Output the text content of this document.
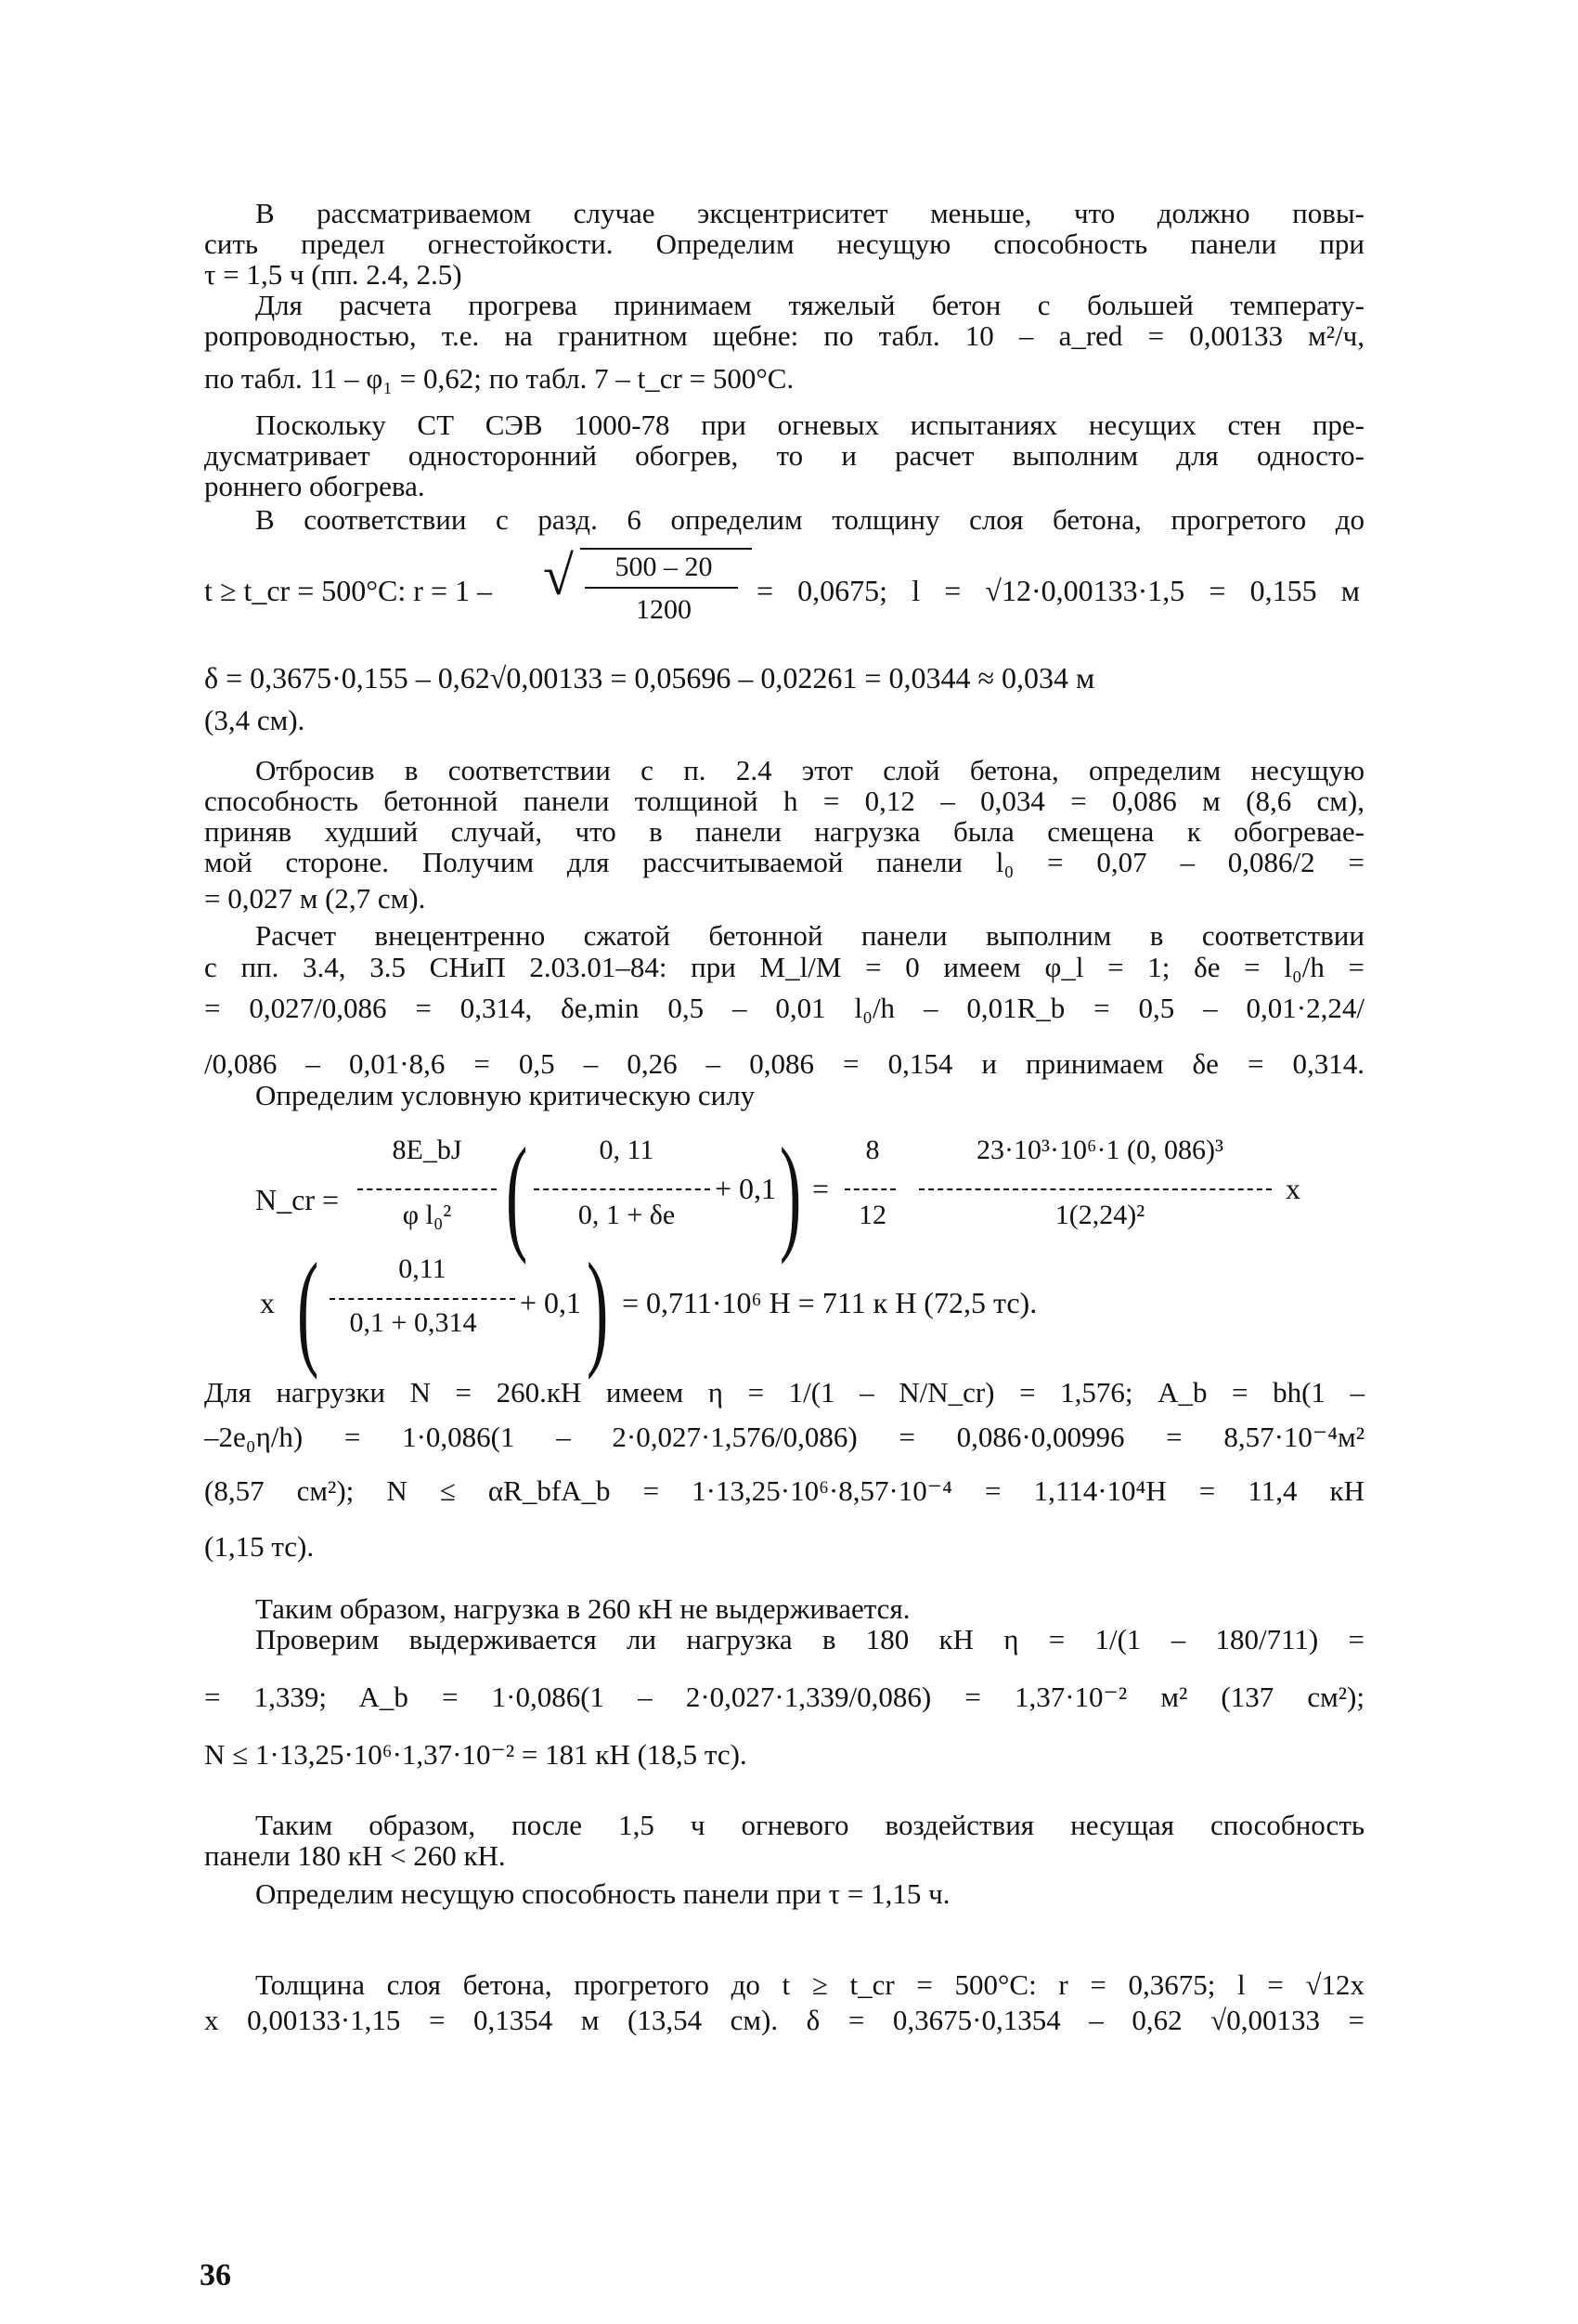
В рассматриваемом случае эксцентриситет меньше, что должно повы-
сить предел огнестойкости. Определим несущую способность панели при
τ = 1,5 ч (пп. 2.4, 2.5)
Для расчета прогрева принимаем тяжелый бетон с большей температу-
ропроводностью, т.е. на гранитном щебне: по табл. 10 – a_red = 0,00133 м²/ч,
по табл. 11 – φ₁ = 0,62; по табл. 7 – t_cr = 500°С.
Поскольку СТ СЭВ 1000-78 при огневых испытаниях несущих стен пре-
дусматривает односторонний обогрев, то и расчет выполним для односто-
роннего обогрева.
В соответствии с разд. 6 определим толщину слоя бетона, прогретого до
t ≥ t_cr = 500°С: r = 1 – √	500 – 20
1200
= 0,0675; l = √12·0,00133·1,5 = 0,155 м
δ = 0,3675·0,155 – 0,62√0,00133 = 0,05696 – 0,02261 = 0,0344 ≈ 0,034 м
(3,4 см).
Отбросив в соответствии с п. 2.4 этот слой бетона, определим несущую
способность бетонной панели толщиной h = 0,12 – 0,034 = 0,086 м (8,6 см),
приняв худший случай, что в панели нагрузка была смещена к обогревае-
мой стороне. Получим для рассчитываемой панели l₀ = 0,07 – 0,086/2 =
= 0,027 м (2,7 см).
Расчет внецентренно сжатой бетонной панели выполним в соответствии
с пп. 3.4, 3.5 СНиП 2.03.01–84: при M_l/M = 0 имеем φ_l = 1; δe = l₀/h =
= 0,027/0,086 = 0,314, δe,min 0,5 – 0,01 l₀/h – 0,01R_b = 0,5 – 0,01·2,24/
/0,086 – 0,01·8,6 = 0,5 – 0,26 – 0,086 = 0,154 и принимаем δe = 0,314.
Определим условную критическую силу
N_cr =
8E_bJ
φ l₀² (	0, 11
0, 1 + δe
+ 0,1 ) =
8
12
23·10³·10⁶·1 (0, 086)³
1(2,24)²
x
x (	0,11
0,1 + 0,314
+ 0,1 ) = 0,711·10⁶ Н = 711 к Н (72,5 тс).
Для нагрузки N = 260.кН имеем η = 1/(1 – N/N_cr) = 1,576; A_b = bh(1 –
–2e₀η/h) = 1·0,086(1 – 2·0,027·1,576/0,086) = 0,086·0,00996 = 8,57·10⁻⁴м²
(8,57 см²); N ≤ αR_bfA_b = 1·13,25·10⁶·8,57·10⁻⁴ = 1,114·10⁴Н = 11,4 кН
(1,15 тс).
Таким образом, нагрузка в 260 кН не выдерживается.
Проверим выдерживается ли нагрузка в 180 кН η = 1/(1 – 180/711) =
= 1,339; A_b = 1·0,086(1 – 2·0,027·1,339/0,086) = 1,37·10⁻² м² (137 см²);
N ≤ 1·13,25·10⁶·1,37·10⁻² = 181 кН (18,5 тс).
Таким образом, после 1,5 ч огневого воздействия несущая способность
панели 180 кН < 260 кН.
Определим несущую способность панели при τ = 1,15 ч.
Толщина слоя бетона, прогретого до t ≥ t_cr = 500°С: r = 0,3675; l = √12x
x 0,00133·1,15 = 0,1354 м (13,54 см). δ = 0,3675·0,1354 – 0,62 √0,00133 =
36
